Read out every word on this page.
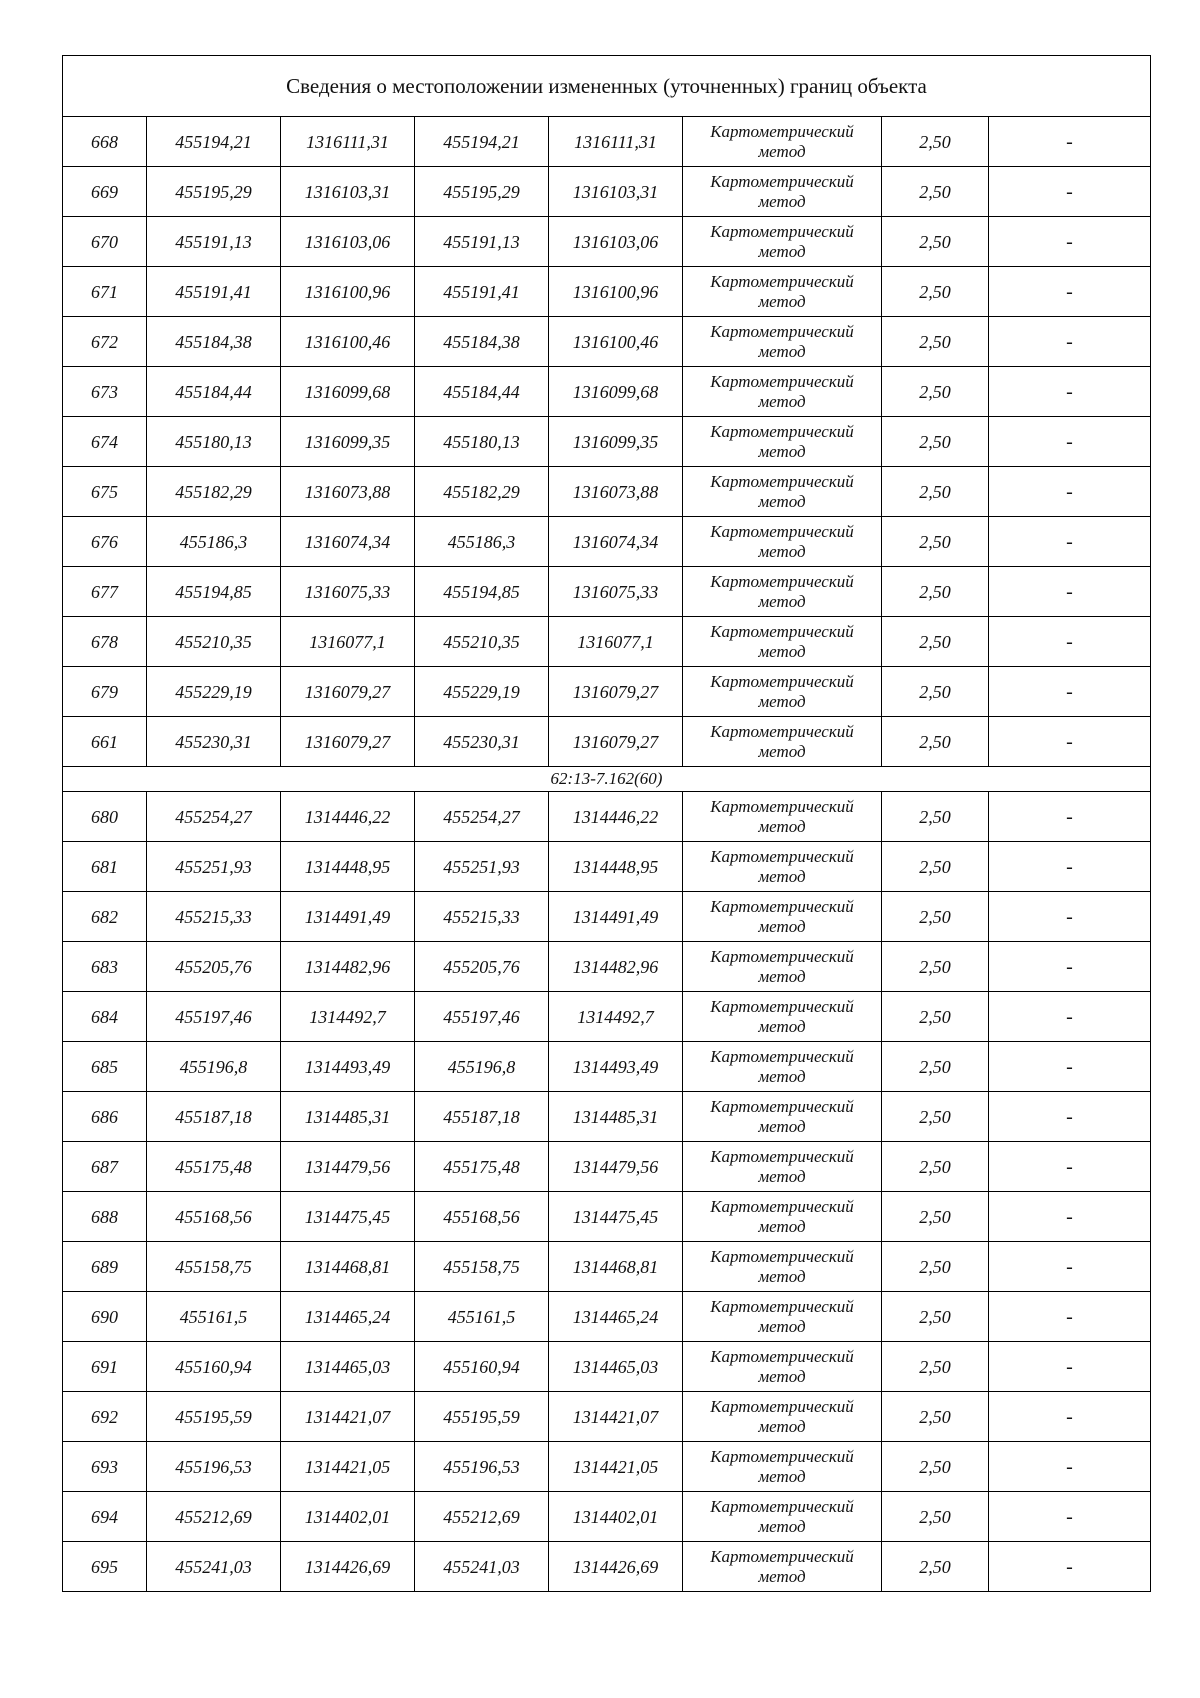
Сведения о местоположении измененных (уточненных) границ объекта							
668	455194,21	1316111,31	455194,21	1316111,31	Картометрический метод	2,50	-
669	455195,29	1316103,31	455195,29	1316103,31	Картометрический метод	2,50	-
670	455191,13	1316103,06	455191,13	1316103,06	Картометрический метод	2,50	-
671	455191,41	1316100,96	455191,41	1316100,96	Картометрический метод	2,50	-
672	455184,38	1316100,46	455184,38	1316100,46	Картометрический метод	2,50	-
673	455184,44	1316099,68	455184,44	1316099,68	Картометрический метод	2,50	-
674	455180,13	1316099,35	455180,13	1316099,35	Картометрический метод	2,50	-
675	455182,29	1316073,88	455182,29	1316073,88	Картометрический метод	2,50	-
676	455186,3	1316074,34	455186,3	1316074,34	Картометрический метод	2,50	-
677	455194,85	1316075,33	455194,85	1316075,33	Картометрический метод	2,50	-
678	455210,35	1316077,1	455210,35	1316077,1	Картометрический метод	2,50	-
679	455229,19	1316079,27	455229,19	1316079,27	Картометрический метод	2,50	-
661	455230,31	1316079,27	455230,31	1316079,27	Картометрический метод	2,50	-
62:13-7.162(60)							
680	455254,27	1314446,22	455254,27	1314446,22	Картометрический метод	2,50	-
681	455251,93	1314448,95	455251,93	1314448,95	Картометрический метод	2,50	-
682	455215,33	1314491,49	455215,33	1314491,49	Картометрический метод	2,50	-
683	455205,76	1314482,96	455205,76	1314482,96	Картометрический метод	2,50	-
684	455197,46	1314492,7	455197,46	1314492,7	Картометрический метод	2,50	-
685	455196,8	1314493,49	455196,8	1314493,49	Картометрический метод	2,50	-
686	455187,18	1314485,31	455187,18	1314485,31	Картометрический метод	2,50	-
687	455175,48	1314479,56	455175,48	1314479,56	Картометрический метод	2,50	-
688	455168,56	1314475,45	455168,56	1314475,45	Картометрический метод	2,50	-
689	455158,75	1314468,81	455158,75	1314468,81	Картометрический метод	2,50	-
690	455161,5	1314465,24	455161,5	1314465,24	Картометрический метод	2,50	-
691	455160,94	1314465,03	455160,94	1314465,03	Картометрический метод	2,50	-
692	455195,59	1314421,07	455195,59	1314421,07	Картометрический метод	2,50	-
693	455196,53	1314421,05	455196,53	1314421,05	Картометрический метод	2,50	-
694	455212,69	1314402,01	455212,69	1314402,01	Картометрический метод	2,50	-
695	455241,03	1314426,69	455241,03	1314426,69	Картометрический метод	2,50	-
